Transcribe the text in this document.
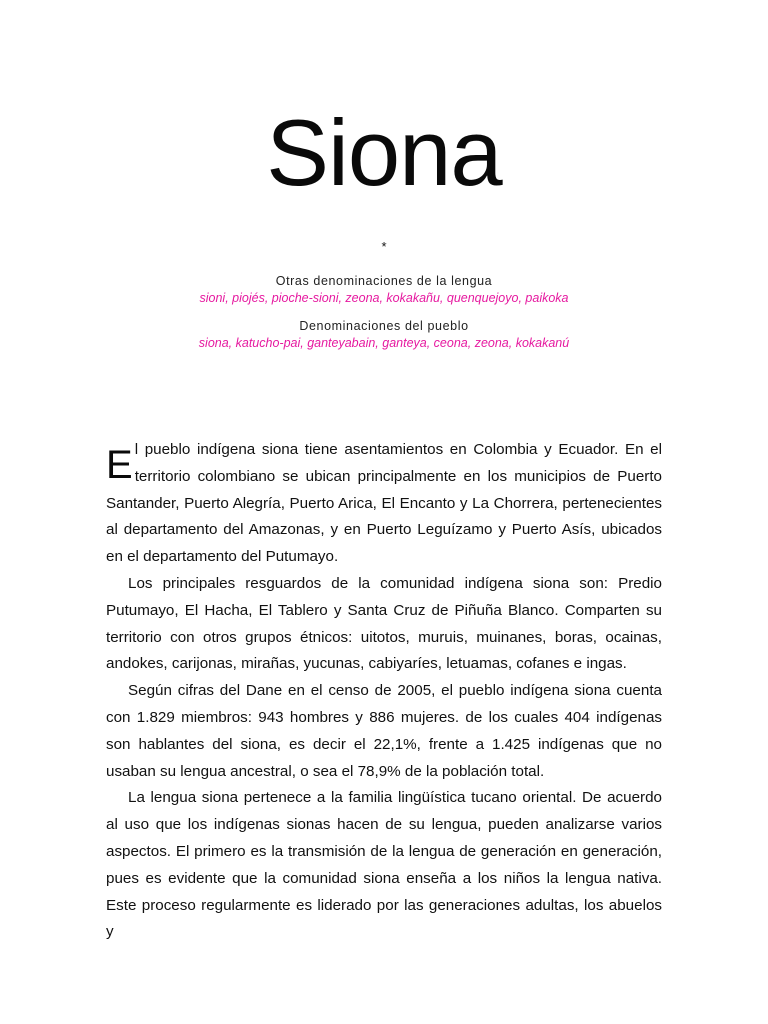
Siona
*
Otras denominaciones de la lengua
sioni, piojés, pioche-sioni, zeona, kokakañu, quenquejoyo, paikoka
Denominaciones del pueblo
siona, katucho-pai, ganteyabain, ganteya, ceona, zeona, kokakanú

El pueblo indígena siona tiene asentamientos en Colombia y Ecuador. En el territorio colombiano se ubican principalmente en los municipios de Puerto Santander, Puerto Alegría, Puerto Arica, El Encanto y La Chorrera, pertenecientes al departamento del Amazonas, y en Puerto Leguízamo y Puerto Asís, ubicados en el departamento del Putumayo.

Los principales resguardos de la comunidad indígena siona son: Predio Putumayo, El Hacha, El Tablero y Santa Cruz de Piñuña Blanco. Comparten su territorio con otros grupos étnicos: uitotos, muruis, muinanes, boras, ocainas, andokes, carijonas, mirañas, yucunas, cabiyaríes, letuamas, cofanes e ingas.

Según cifras del Dane en el censo de 2005, el pueblo indígena siona cuenta con 1.829 miembros: 943 hombres y 886 mujeres. de los cuales 404 indígenas son hablantes del siona, es decir el 22,1%, frente a 1.425 indígenas que no usaban su lengua ancestral, o sea el 78,9% de la población total.

La lengua siona pertenece a la familia lingüística tucano oriental. De acuerdo al uso que los indígenas sionas hacen de su lengua, pueden analizarse varios aspectos. El primero es la transmisión de la lengua de generación en generación, pues es evidente que la comunidad siona enseña a los niños la lengua nativa. Este proceso regularmente es liderado por las generaciones adultas, los abuelos y
